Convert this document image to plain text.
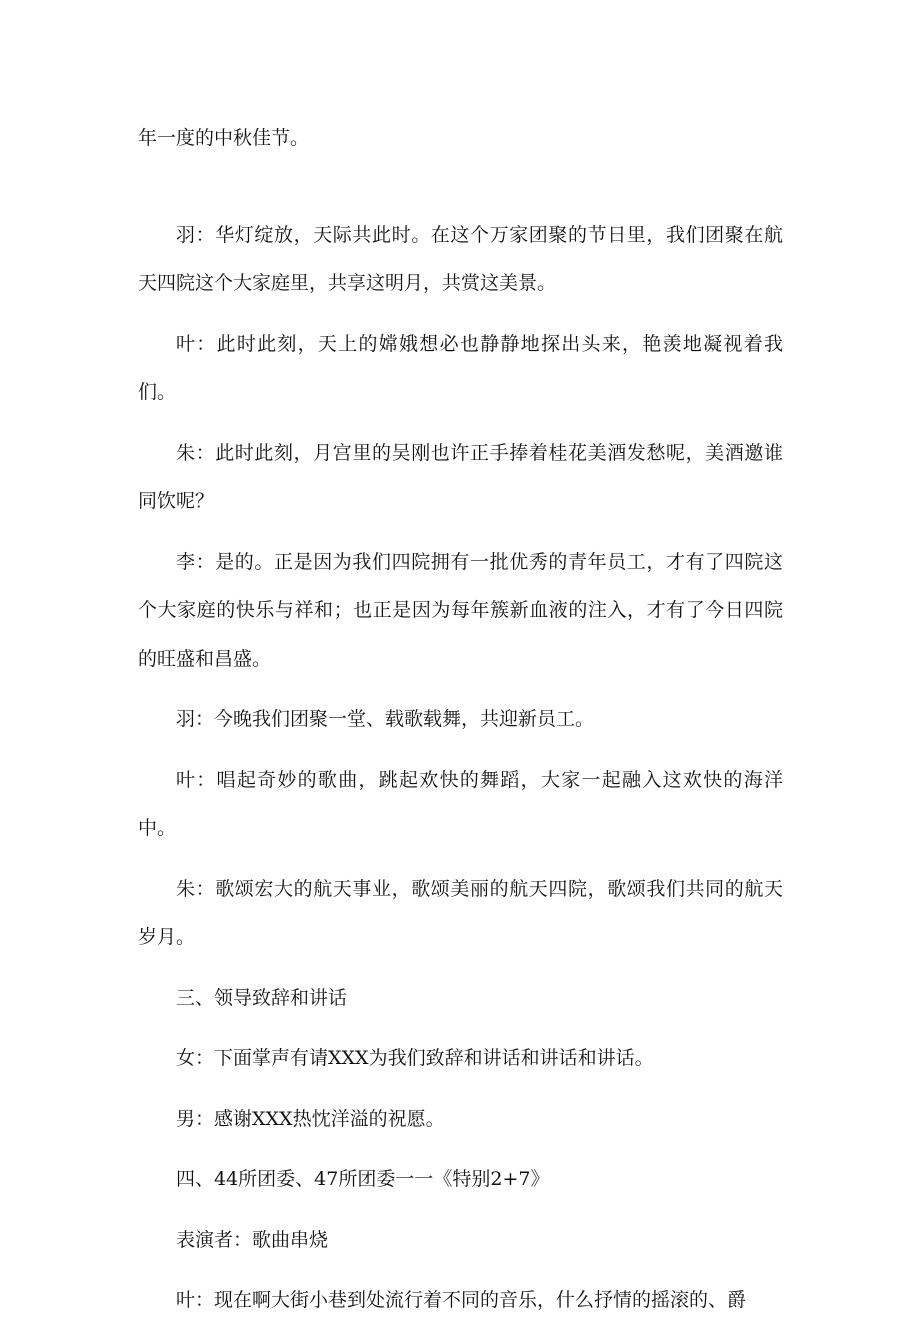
年一度的中秋佳节。

羽：华灯绽放，天际共此时。在这个万家团聚的节日里，我们团聚在航天四院这个大家庭里，共享这明月，共赏这美景。

叶：此时此刻，天上的嫦娥想必也静静地探出头来，艳羡地凝视着我们。

朱：此时此刻，月宫里的吴刚也许正手捧着桂花美酒发愁呢，美酒邀谁同饮呢？

李：是的。正是因为我们四院拥有一批优秀的青年员工，才有了四院这个大家庭的快乐与祥和；也正是因为每年簇新血液的注入，才有了今日四院的旺盛和昌盛。

羽：今晚我们团聚一堂、载歌载舞，共迎新员工。

叶：唱起奇妙的歌曲，跳起欢快的舞蹈，大家一起融入这欢快的海洋中。

朱：歌颂宏大的航天事业，歌颂美丽的航天四院，歌颂我们共同的航天岁月。

三、领导致辞和讲话

女：下面掌声有请XXX为我们致辞和讲话和讲话和讲话。

男：感谢XXX热忱洋溢的祝愿。

四、44所团委、47所团委一一《特别2+7》

表演者：歌曲串烧

叶：现在啊大街小巷到处流行着不同的音乐，什么抒情的摇滚的、爵
